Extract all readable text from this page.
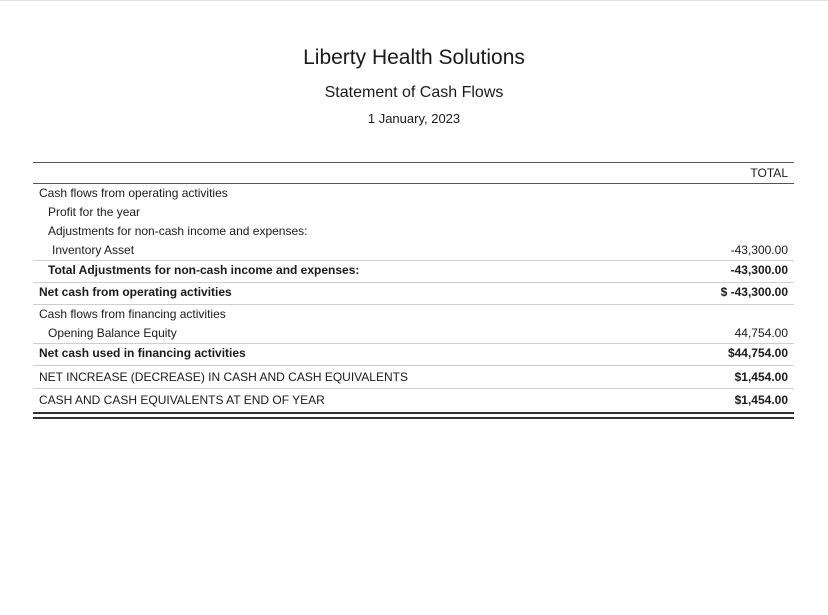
Liberty Health Solutions
Statement of Cash Flows
1 January, 2023
TOTAL
Cash flows from operating activities
Profit for the year
Adjustments for non-cash income and expenses:
Inventory Asset	-43,300.00
Total Adjustments for non-cash income and expenses:	-43,300.00
Net cash from operating activities	$ -43,300.00
Cash flows from financing activities
Opening Balance Equity	44,754.00
Net cash used in financing activities	$44,754.00
NET INCREASE (DECREASE) IN CASH AND CASH EQUIVALENTS	$1,454.00
CASH AND CASH EQUIVALENTS AT END OF YEAR	$1,454.00
